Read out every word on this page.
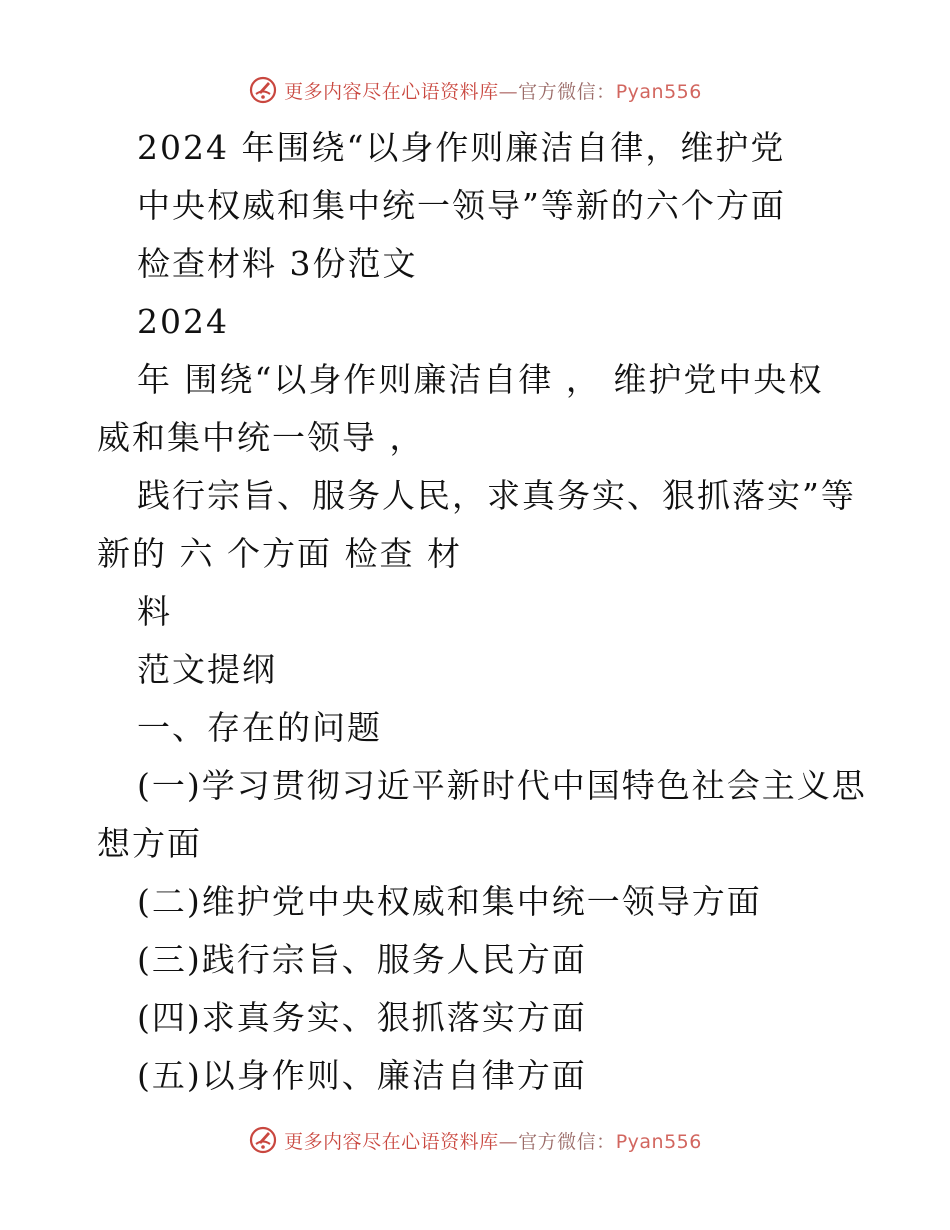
更多内容尽在心语资料库—官方微信：Pyan556
2024 年围绕“以身作则廉洁自律，维护党
中央权威和集中统一领导”等新的六个方面
检查材料 3份范文
2024
年 围绕“以身作则廉洁自律 ， 维护党中央权
威和集中统一领导 ，
践行宗旨、服务人民，求真务实、狠抓落实”等
新的 六 个方面 检查 材
料
范文提纲
一、存在的问题
(一)学习贯彻习近平新时代中国特色社会主义思
想方面
(二)维护党中央权威和集中统一领导方面
(三)践行宗旨、服务人民方面
(四)求真务实、狠抓落实方面
(五)以身作则、廉洁自律方面
更多内容尽在心语资料库—官方微信：Pyan556
